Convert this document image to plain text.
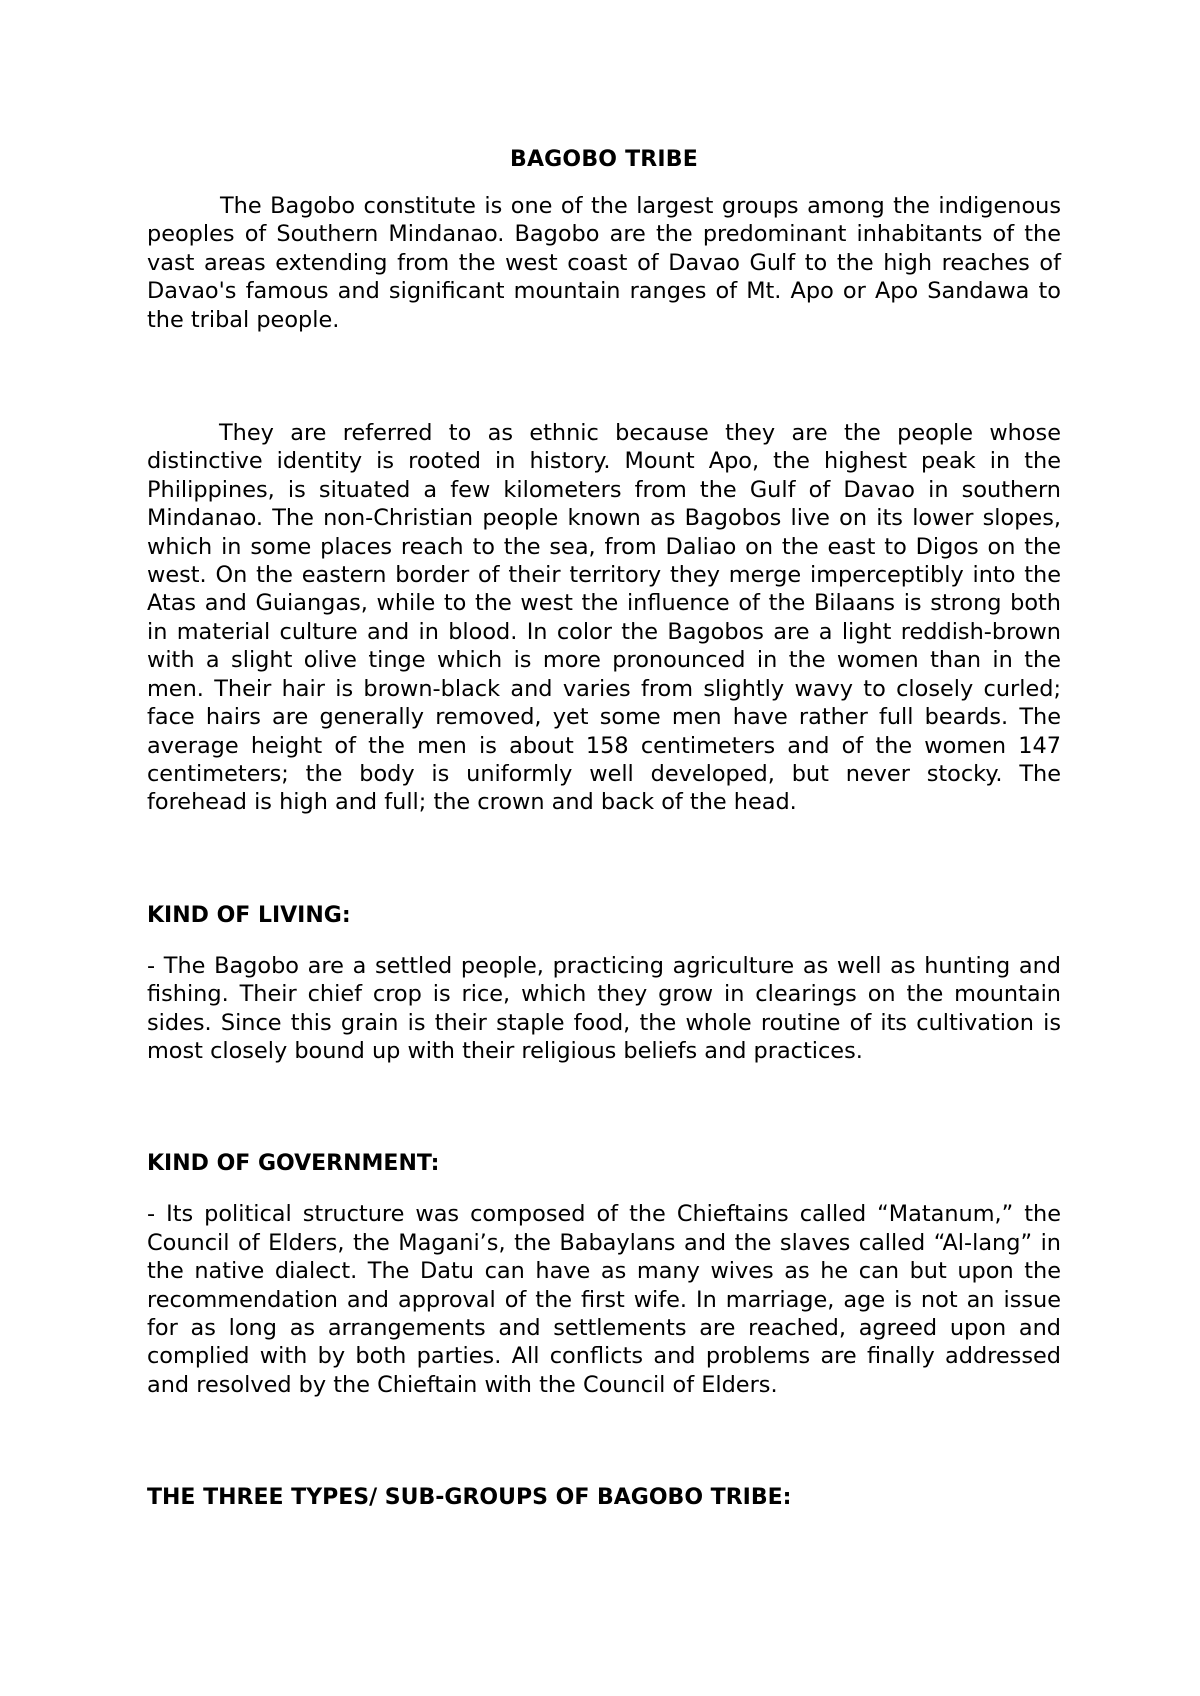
BAGOBO TRIBE

The Bagobo constitute is one of the largest groups among the indigenous peoples of Southern Mindanao. Bagobo are the predominant inhabitants of the vast areas extending from the west coast of Davao Gulf to the high reaches of Davao's famous and significant mountain ranges of Mt. Apo or Apo Sandawa to the tribal people.

They are referred to as ethnic because they are the people whose distinctive identity is rooted in history. Mount Apo, the highest peak in the Philippines, is situated a few kilometers from the Gulf of Davao in southern Mindanao. The non-Christian people known as Bagobos live on its lower slopes, which in some places reach to the sea, from Daliao on the east to Digos on the west. On the eastern border of their territory they merge imperceptibly into the Atas and Guiangas, while to the west the influence of the Bilaans is strong both in material culture and in blood. In color the Bagobos are a light reddish-brown with a slight olive tinge which is more pronounced in the women than in the men. Their hair is brown-black and varies from slightly wavy to closely curled; face hairs are generally removed, yet some men have rather full beards. The average height of the men is about 158 centimeters and of the women 147 centimeters; the body is uniformly well developed, but never stocky. The forehead is high and full; the crown and back of the head.

KIND OF LIVING:

- The Bagobo are a settled people, practicing agriculture as well as hunting and fishing. Their chief crop is rice, which they grow in clearings on the mountain sides. Since this grain is their staple food, the whole routine of its cultivation is most closely bound up with their religious beliefs and practices.

KIND OF GOVERNMENT:

- Its political structure was composed of the Chieftains called “Matanum,” the Council of Elders, the Magani’s, the Babaylans and the slaves called “Al-lang” in the native dialect. The Datu can have as many wives as he can but upon the recommendation and approval of the first wife. In marriage, age is not an issue for as long as arrangements and settlements are reached, agreed upon and complied with by both parties. All conflicts and problems are finally addressed and resolved by the Chieftain with the Council of Elders.

THE THREE TYPES/ SUB-GROUPS OF BAGOBO TRIBE:
